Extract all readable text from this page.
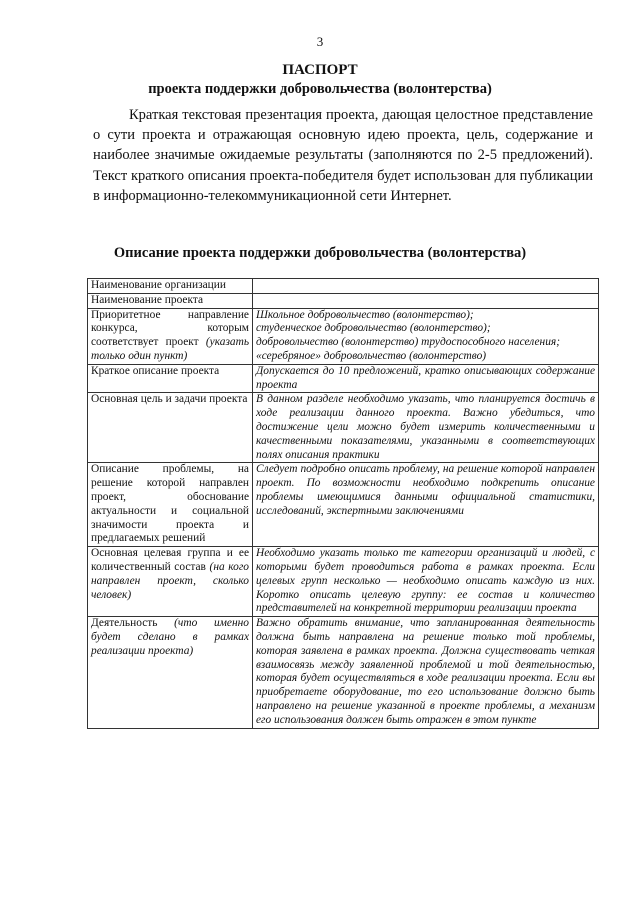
3
ПАСПОРТ
проекта поддержки добровольчества (волонтерства)

Краткая текстовая презентация проекта, дающая целостное представление о сути проекта и отражающая основную идею проекта, цель, содержание и наиболее значимые ожидаемые результаты (заполняются по 2-5 предложений). Текст краткого описания проекта-победителя будет использован для публикации в информационно-телекоммуникационной сети Интернет.

Описание проекта поддержки добровольчества (волонтерства)
Наименование организации	
Наименование проекта	
Приоритетное направление конкурса, которым соответствует проект (указать только один пункт)	Школьное добровольчество (волонтерство);
студенческое добровольчество (волонтерство);
добровольчество (волонтерство) трудоспособного населения;
«серебряное» добровольчество (волонтерство)

Краткое описание проекта	Допускается до 10 предложений, кратко описывающих содержание проекта
Основная цель и задачи проекта	В данном разделе необходимо указать, что планируется достичь в ходе реализации данного проекта. Важно убедиться, что достижение цели можно будет измерить количественными и качественными показателями, указанными в соответствующих полях описания практики
Описание проблемы, на решение которой направлен проект, обоснование актуальности и социальной значимости проекта и предлагаемых решений	Следует подробно описать проблему, на решение которой направлен проект. По возможности необходимо подкрепить описание проблемы имеющимися данными официальной статистики, исследований, экспертными заключениями
Основная целевая группа и ее количественный состав (на кого направлен проект, сколько человек)	Необходимо указать только те категории организаций и людей, с которыми будет проводиться работа в рамках проекта. Если целевых групп несколько — необходимо описать каждую из них. Коротко описать целевую группу: ее состав и количество представителей на конкретной территории реализации проекта
Деятельность (что именно будет сделано в рамках реализации проекта)	Важно обратить внимание, что запланированная деятельность должна быть направлена на решение только той проблемы, которая заявлена в рамках проекта. Должна существовать четкая взаимосвязь между заявленной проблемой и той деятельностью, которая будет осуществляться в ходе реализации проекта. Если вы приобретаете оборудование, то его использование должно быть направлено на решение указанной в проекте проблемы, а механизм его использования должен быть отражен в этом пункте
